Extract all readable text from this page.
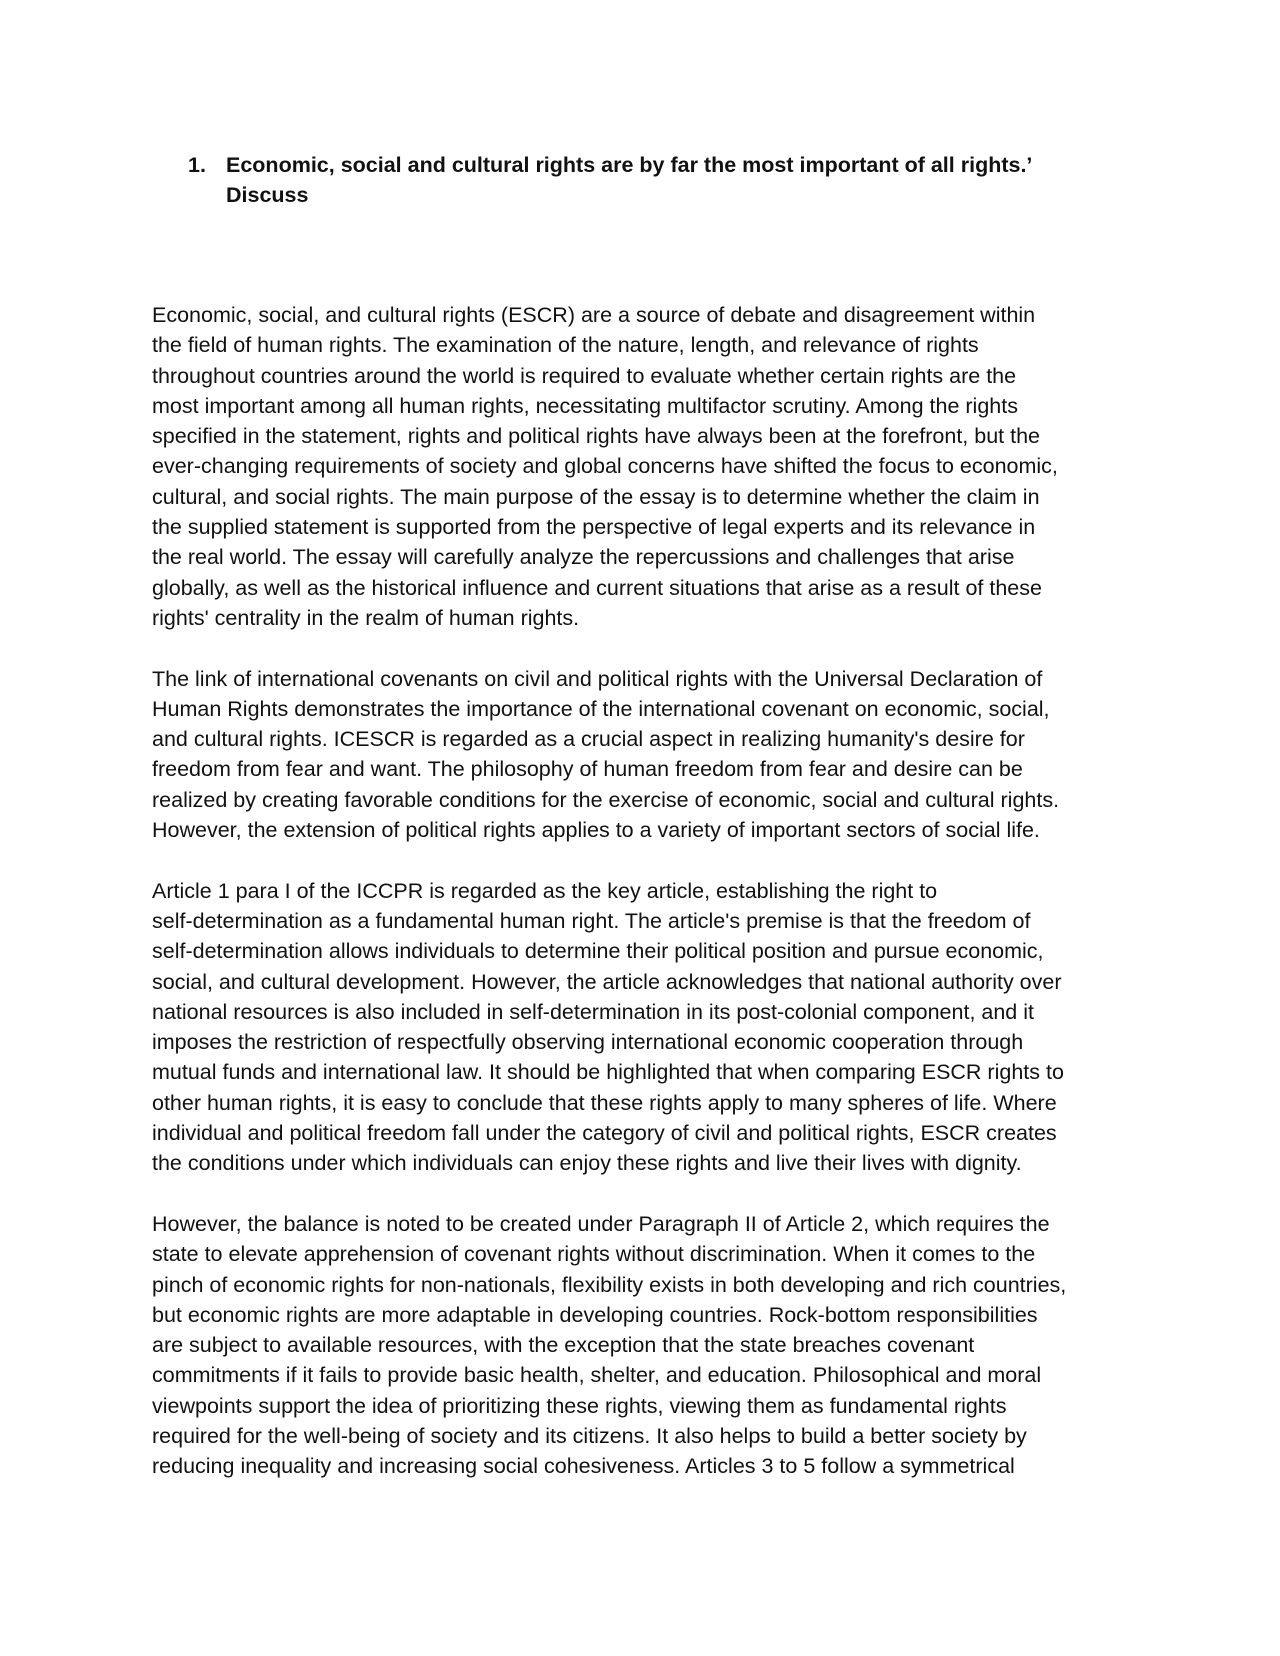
1. Economic, social and cultural rights are by far the most important of all rights.’
Discuss
Economic, social, and cultural rights (ESCR) are a source of debate and disagreement within
the field of human rights. The examination of the nature, length, and relevance of rights
throughout countries around the world is required to evaluate whether certain rights are the
most important among all human rights, necessitating multifactor scrutiny. Among the rights
specified in the statement, rights and political rights have always been at the forefront, but the
ever-changing requirements of society and global concerns have shifted the focus to economic,
cultural, and social rights. The main purpose of the essay is to determine whether the claim in
the supplied statement is supported from the perspective of legal experts and its relevance in
the real world. The essay will carefully analyze the repercussions and challenges that arise
globally, as well as the historical influence and current situations that arise as a result of these
rights' centrality in the realm of human rights.
The link of international covenants on civil and political rights with the Universal Declaration of
Human Rights demonstrates the importance of the international covenant on economic, social,
and cultural rights. ICESCR is regarded as a crucial aspect in realizing humanity's desire for
freedom from fear and want. The philosophy of human freedom from fear and desire can be
realized by creating favorable conditions for the exercise of economic, social and cultural rights.
However, the extension of political rights applies to a variety of important sectors of social life.
Article 1 para I of the ICCPR is regarded as the key article, establishing the right to
self-determination as a fundamental human right. The article's premise is that the freedom of
self-determination allows individuals to determine their political position and pursue economic,
social, and cultural development. However, the article acknowledges that national authority over
national resources is also included in self-determination in its post-colonial component, and it
imposes the restriction of respectfully observing international economic cooperation through
mutual funds and international law. It should be highlighted that when comparing ESCR rights to
other human rights, it is easy to conclude that these rights apply to many spheres of life. Where
individual and political freedom fall under the category of civil and political rights, ESCR creates
the conditions under which individuals can enjoy these rights and live their lives with dignity.
However, the balance is noted to be created under Paragraph II of Article 2, which requires the
state to elevate apprehension of covenant rights without discrimination. When it comes to the
pinch of economic rights for non-nationals, flexibility exists in both developing and rich countries,
but economic rights are more adaptable in developing countries. Rock-bottom responsibilities
are subject to available resources, with the exception that the state breaches covenant
commitments if it fails to provide basic health, shelter, and education. Philosophical and moral
viewpoints support the idea of prioritizing these rights, viewing them as fundamental rights
required for the well-being of society and its citizens. It also helps to build a better society by
reducing inequality and increasing social cohesiveness. Articles 3 to 5 follow a symmetrical
